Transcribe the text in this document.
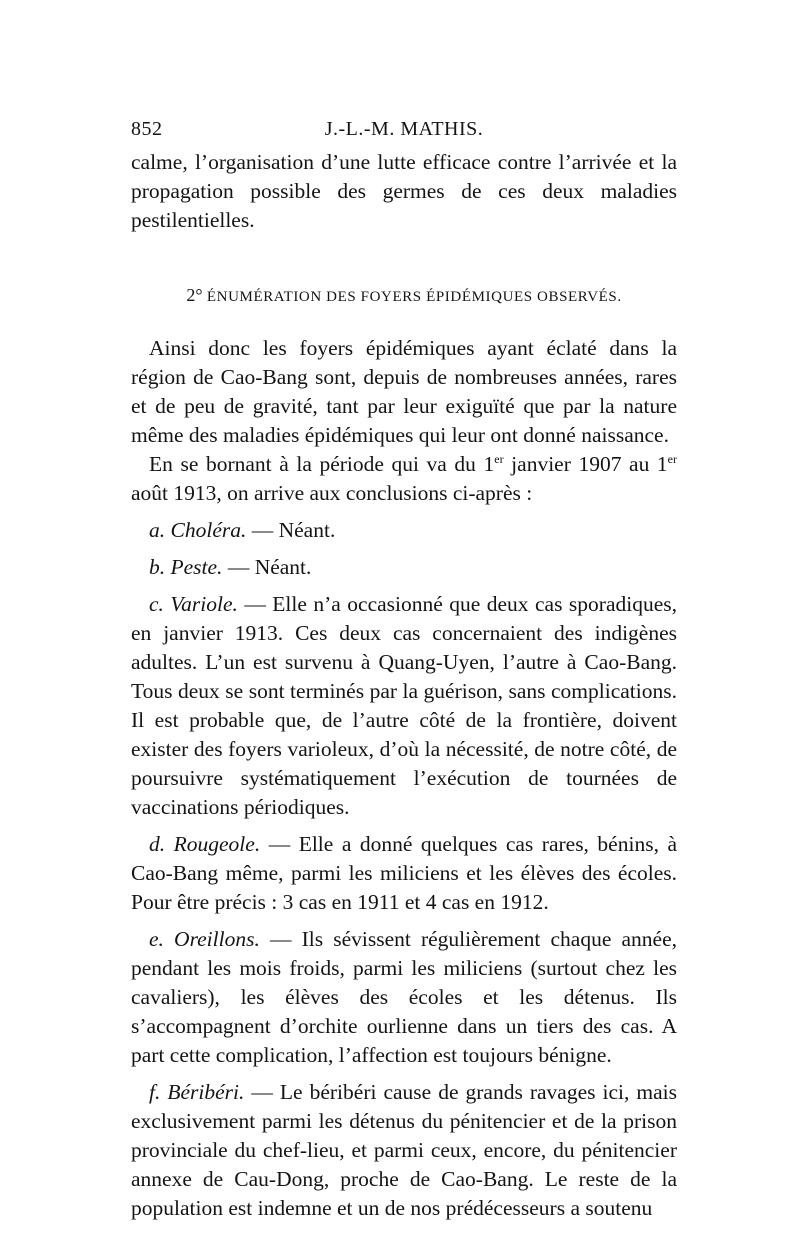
852	J.-L.-M. MATHIS.

calme, l’organisation d’une lutte efficace contre l’arrivée et la propagation possible des germes de ces deux maladies pestilentielles.

2° ÉNUMÉRATION DES FOYERS ÉPIDÉMIQUES OBSERVÉS.

Ainsi donc les foyers épidémiques ayant éclaté dans la région de Cao-Bang sont, depuis de nombreuses années, rares et de peu de gravité, tant par leur exiguïté que par la nature même des maladies épidémiques qui leur ont donné naissance.

En se bornant à la période qui va du 1er janvier 1907 au 1er août 1913, on arrive aux conclusions ci-après :

a. Choléra. — Néant.

b. Peste. — Néant.

c. Variole. — Elle n’a occasionné que deux cas sporadiques, en janvier 1913. Ces deux cas concernaient des indigènes adultes. L’un est survenu à Quang-Uyen, l’autre à Cao-Bang. Tous deux se sont terminés par la guérison, sans complications. Il est probable que, de l’autre côté de la frontière, doivent exister des foyers varioleux, d’où la nécessité, de notre côté, de poursuivre systématiquement l’exécution de tournées de vaccinations périodiques.

d. Rougeole. — Elle a donné quelques cas rares, bénins, à Cao-Bang même, parmi les miliciens et les élèves des écoles. Pour être précis : 3 cas en 1911 et 4 cas en 1912.

e. Oreillons. — Ils sévissent régulièrement chaque année, pendant les mois froids, parmi les miliciens (surtout chez les cavaliers), les élèves des écoles et les détenus. Ils s’accompagnent d’orchite ourlienne dans un tiers des cas. A part cette complication, l’affection est toujours bénigne.

f. Béribéri. — Le béribéri cause de grands ravages ici, mais exclusivement parmi les détenus du pénitencier et de la prison provinciale du chef-lieu, et parmi ceux, encore, du pénitencier annexe de Cau-Dong, proche de Cao-Bang. Le reste de la population est indemne et un de nos prédécesseurs a soutenu
